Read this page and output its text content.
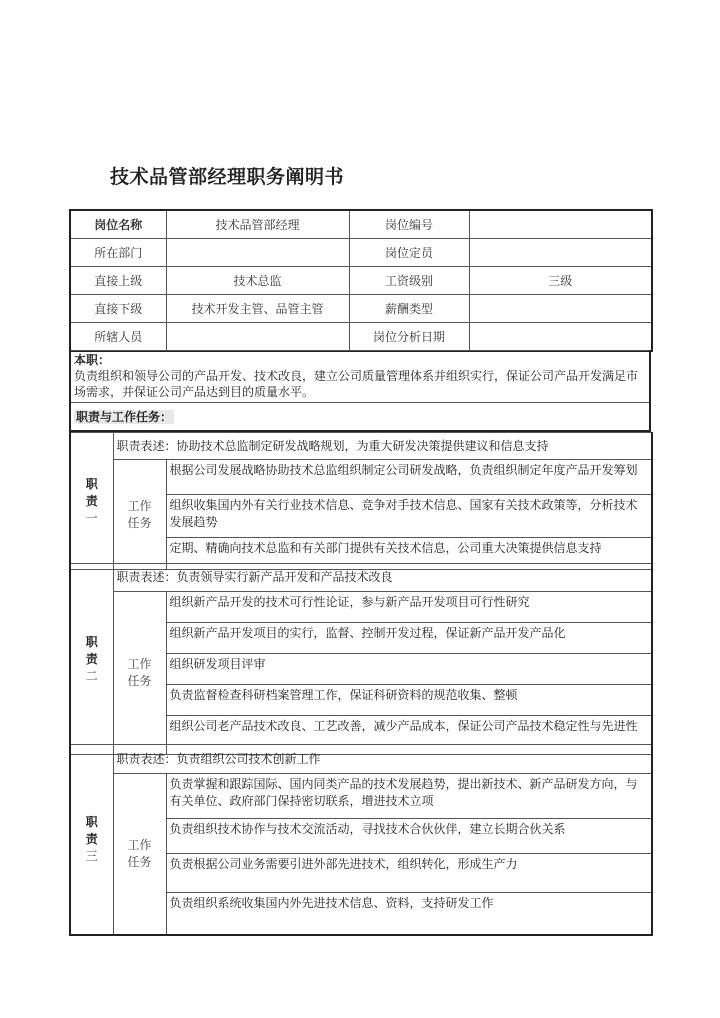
技术品管部经理职务阐明书
岗位名称	技术品管部经理	岗位编号	
所在部门		岗位定员	
直接上级	技术总监	工资级别	三级
直接下级	技术开发主管、品管主管	薪酬类型	
所辖人员		岗位分析日期	
本职：
负责组织和领导公司的产品开发、技术改良，建立公司质量管理体系并组织实行，保证公司产品开发满足市场需求，并保证公司产品达到目的质量水平。
职责与工作任务：
职
责
一	职责表述：协助技术总监制定研发战略规划，为重大研发决策提供建议和信息支持	
	工作任务	根据公司发展战略协助技术总监组织制定公司研发战略，负责组织制定年度产品开发筹划
		组织收集国内外有关行业技术信息、竞争对手技术信息、国家有关技术政策等，分析技术发展趋势
		定期、精确向技术总监和有关部门提供有关技术信息，公司重大决策提供信息支持
职
责
二	职责表述：负责领导实行新产品开发和产品技术改良	
	工作任务	组织新产品开发的技术可行性论证，参与新产品开发项目可行性研究
		组织新产品开发项目的实行，监督、控制开发过程，保证新产品开发产品化
		组织研发项目评审
		负责监督检查科研档案管理工作，保证科研资料的规范收集、整顿
		组织公司老产品技术改良、工艺改善，减少产品成本，保证公司产品技术稳定性与先进性
职
责
三	职责表述：负责组织公司技术创新工作	
	工作任务	负责掌握和跟踪国际、国内同类产品的技术发展趋势，提出新技术、新产品研发方向，与有关单位、政府部门保持密切联系，增进技术立项
		负责组织技术协作与技术交流活动，寻找技术合伙伙伴，建立长期合伙关系
		负责根据公司业务需要引进外部先进技术，组织转化，形成生产力
		负责组织系统收集国内外先进技术信息、资料，支持研发工作
